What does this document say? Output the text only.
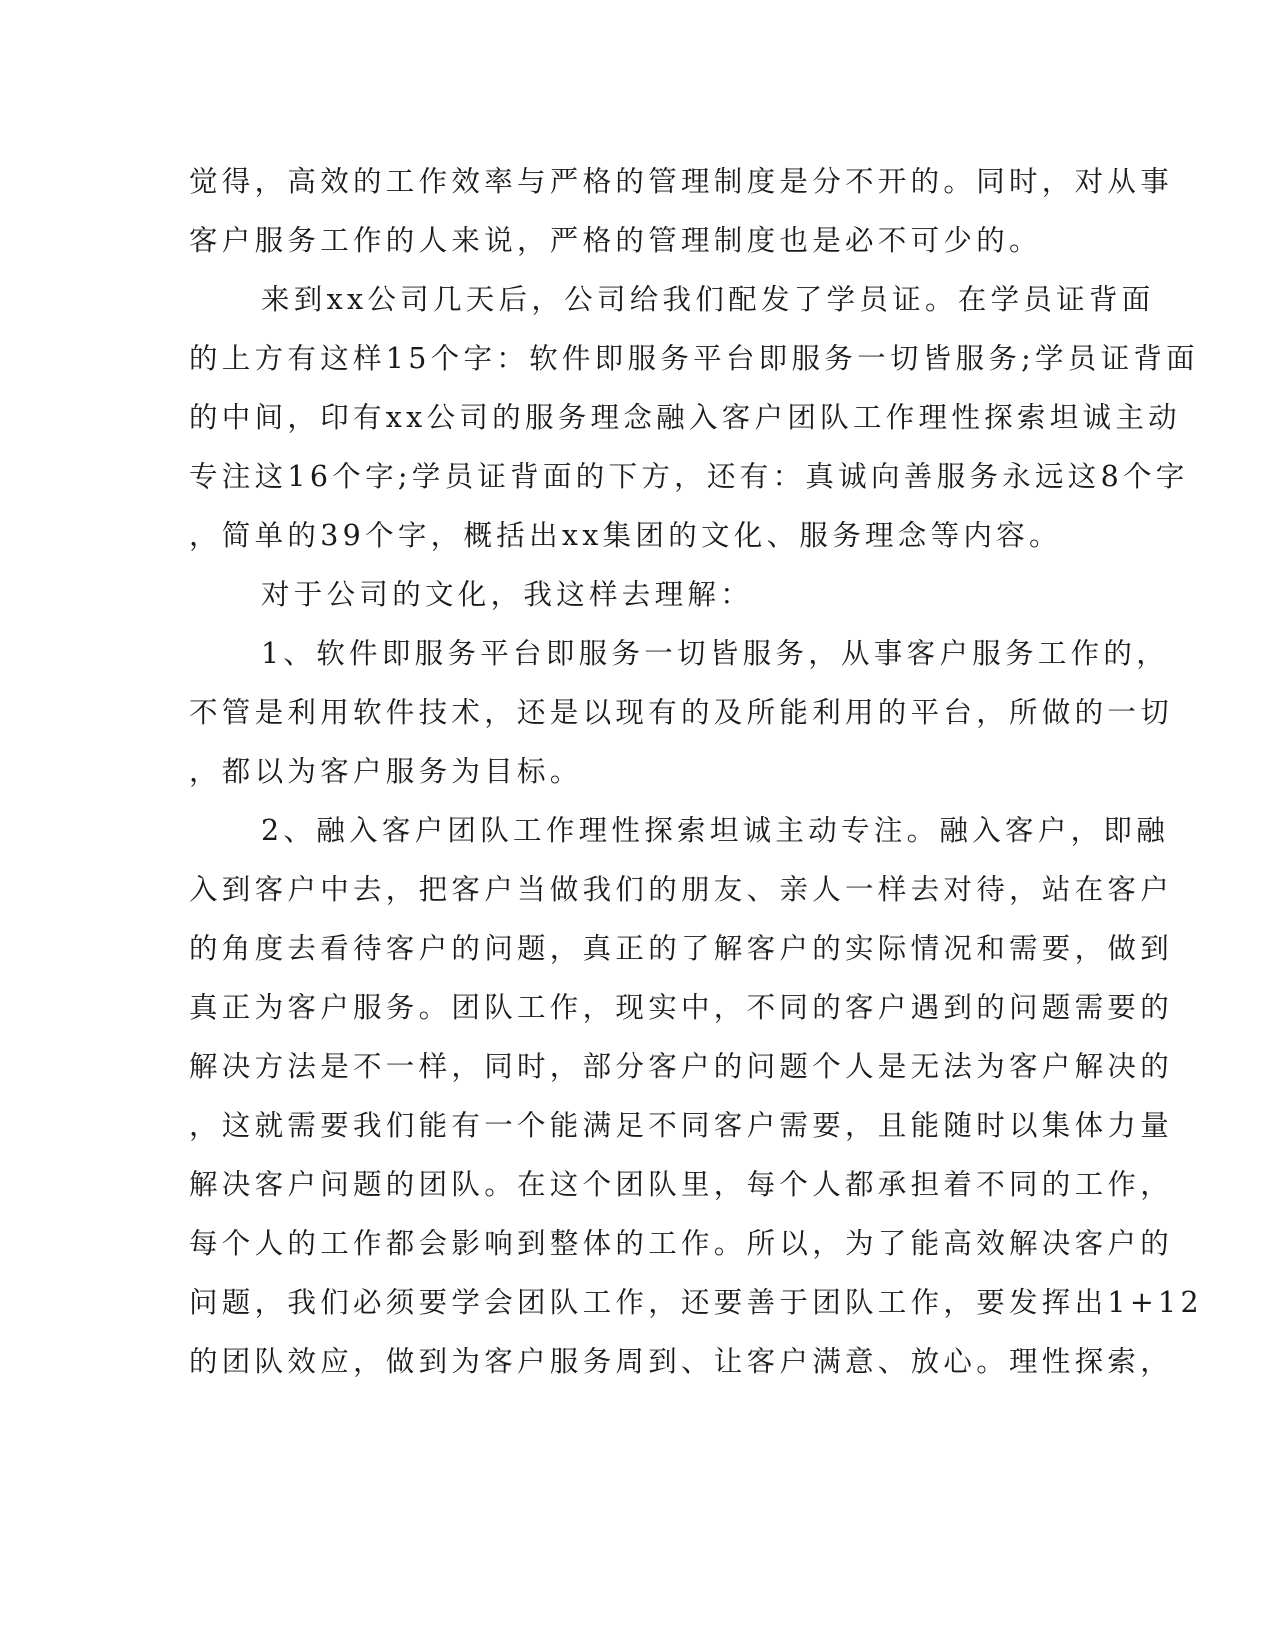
觉得，高效的工作效率与严格的管理制度是分不开的。同时，对从事
客户服务工作的人来说，严格的管理制度也是必不可少的。
来到xx公司几天后，公司给我们配发了学员证。在学员证背面
的上方有这样15个字：软件即服务平台即服务一切皆服务;学员证背面
的中间，印有xx公司的服务理念融入客户团队工作理性探索坦诚主动
专注这16个字;学员证背面的下方，还有：真诚向善服务永远这8个字
，简单的39个字，概括出xx集团的文化、服务理念等内容。
对于公司的文化，我这样去理解：
1、软件即服务平台即服务一切皆服务，从事客户服务工作的，
不管是利用软件技术，还是以现有的及所能利用的平台，所做的一切
，都以为客户服务为目标。
2、融入客户团队工作理性探索坦诚主动专注。融入客户，即融
入到客户中去，把客户当做我们的朋友、亲人一样去对待，站在客户
的角度去看待客户的问题，真正的了解客户的实际情况和需要，做到
真正为客户服务。团队工作，现实中，不同的客户遇到的问题需要的
解决方法是不一样，同时，部分客户的问题个人是无法为客户解决的
，这就需要我们能有一个能满足不同客户需要，且能随时以集体力量
解决客户问题的团队。在这个团队里，每个人都承担着不同的工作，
每个人的工作都会影响到整体的工作。所以，为了能高效解决客户的
问题，我们必须要学会团队工作，还要善于团队工作，要发挥出1+12
的团队效应，做到为客户服务周到、让客户满意、放心。理性探索，
